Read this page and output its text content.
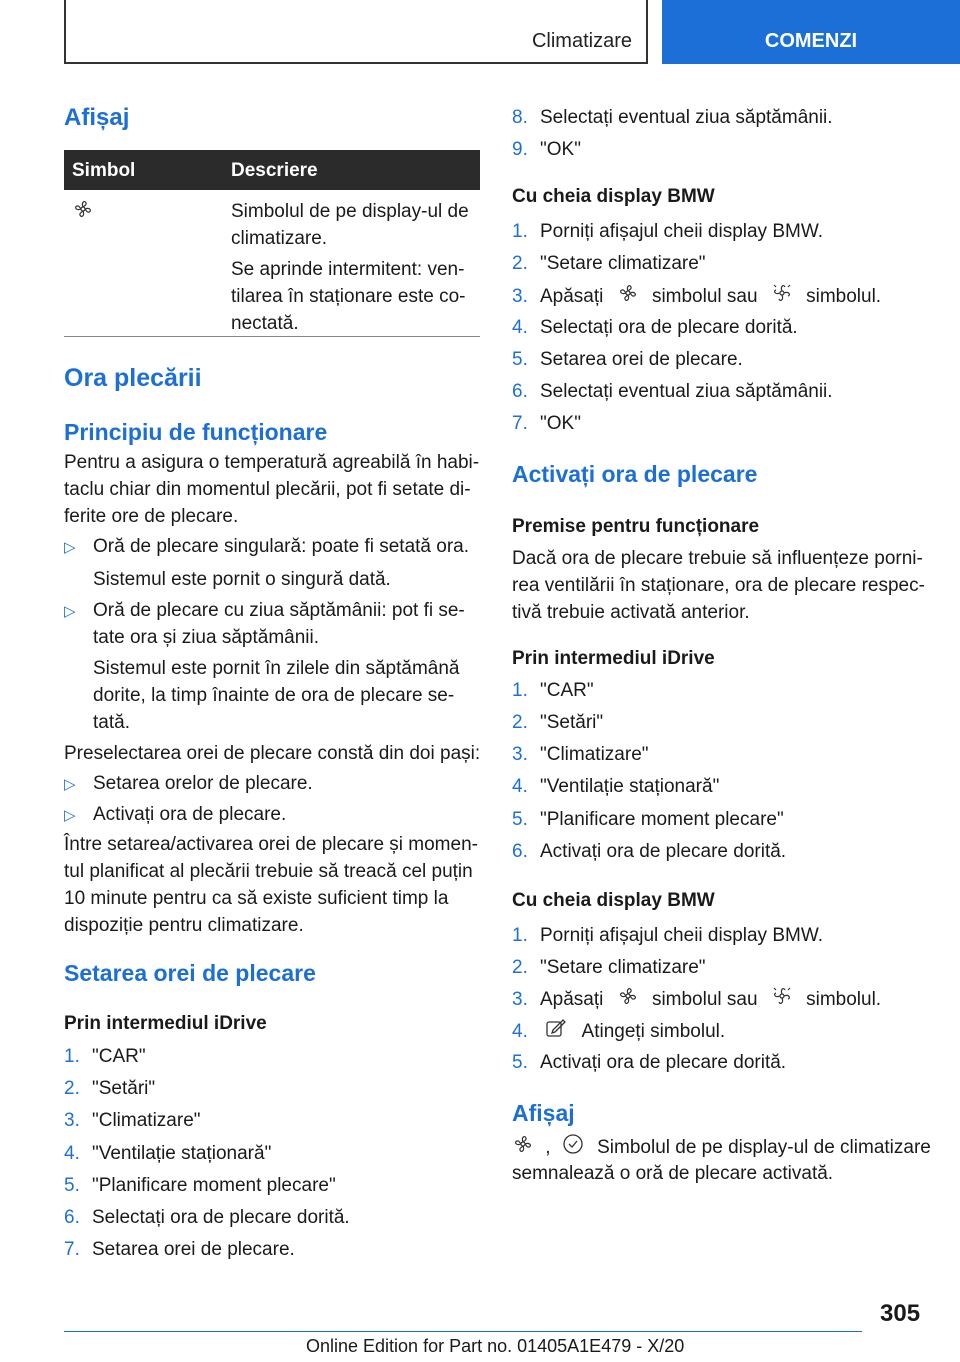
Climatizare	COMENZI
Afișaj
Simbol	Descriere
Simbolul de pe display-ul de
climatizare.
Se aprinde intermitent: ven-
tilarea în staționare este co-
nectată.
Ora plecării
Principiu de funcționare
Pentru a asigura o temperatură agreabilă în habi-
taclu chiar din momentul plecării, pot fi setate di-
ferite ore de plecare.
▷ Oră de plecare singulară: poate fi setată ora.
Sistemul este pornit o singură dată.
▷ Oră de plecare cu ziua săptămânii: pot fi se-
tate ora și ziua săptămânii.
Sistemul este pornit în zilele din săptămână
dorite, la timp înainte de ora de plecare se-
tată.
Preselectarea orei de plecare constă din doi pași:
▷ Setarea orelor de plecare.
▷ Activați ora de plecare.
Între setarea/activarea orei de plecare și momen-
tul planificat al plecării trebuie să treacă cel puțin
10 minute pentru ca să existe suficient timp la
dispoziție pentru climatizare.
Setarea orei de plecare
Prin intermediul iDrive
1. "CAR"
2. "Setări"
3. "Climatizare"
4. "Ventilație staționară"
5. "Planificare moment plecare"
6. Selectați ora de plecare dorită.
7. Setarea orei de plecare.
8. Selectați eventual ziua săptămânii.
9. "OK"
Cu cheia display BMW
1. Porniți afișajul cheii display BMW.
2. "Setare climatizare"
3. Apăsați	simbolul sau	simbolul.
4. Selectați ora de plecare dorită.
5. Setarea orei de plecare.
6. Selectați eventual ziua săptămânii.
7. "OK"
Activați ora de plecare
Premise pentru funcționare
Dacă ora de plecare trebuie să influențeze porni-
rea ventilării în staționare, ora de plecare respec-
tivă trebuie activată anterior.
Prin intermediul iDrive
1. "CAR"
2. "Setări"
3. "Climatizare"
4. "Ventilație staționară"
5. "Planificare moment plecare"
6. Activați ora de plecare dorită.
Cu cheia display BMW
1. Porniți afișajul cheii display BMW.
2. "Setare climatizare"
3. Apăsați	simbolul sau	simbolul.
4.	Atingeți simbolul.
5. Activați ora de plecare dorită.
Afișaj
, Simbolul de pe display-ul de climatizare
semnalează o oră de plecare activată.
305
Online Edition for Part no. 01405A1E479 - X/20
